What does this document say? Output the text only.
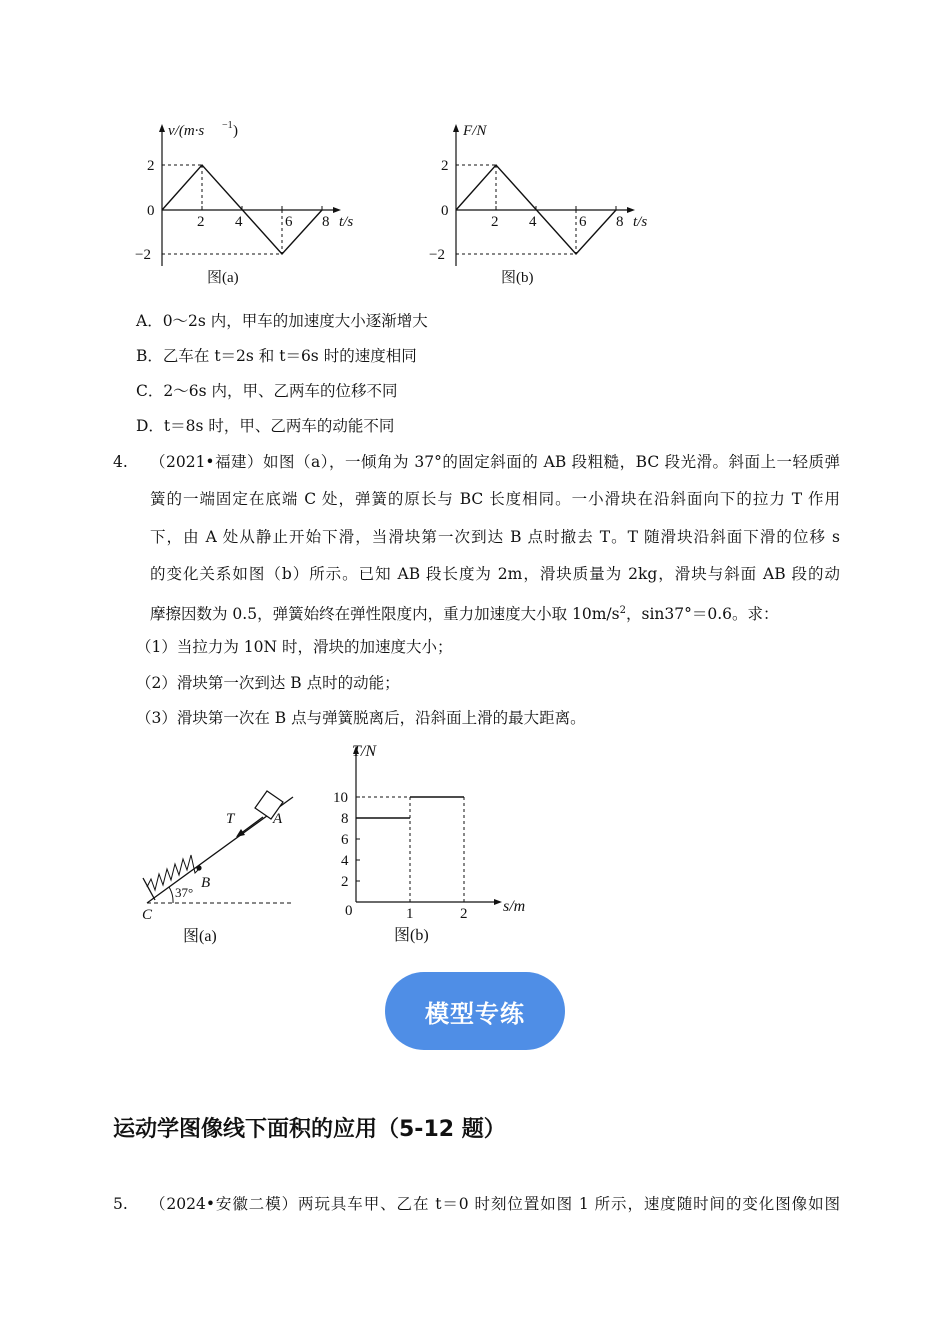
v/(m·s −1 )
2
0
−2
2 4	6 8 t/s
图(a)
F/N
2
0
−2
2 4	6 8 t/s
图(b)
A．0～2s 内，甲车的加速度大小逐渐增大
B．乙车在 t＝2s 和 t＝6s 时的速度相同
C．2～6s 内，甲、乙两车的位移不同
D．t＝8s 时，甲、乙两车的动能不同
4. （2021•福建）如图（a），一倾角为 37°的固定斜面的 AB 段粗糙，BC 段光滑。斜面上一轻质弹
簧的一端固定在底端 C 处，弹簧的原长与 BC 长度相同。一小滑块在沿斜面向下的拉力 T 作用
下，由 A 处从静止开始下滑，当滑块第一次到达 B 点时撤去 T。T 随滑块沿斜面下滑的位移 s
的变化关系如图（b）所示。已知 AB 段长度为 2m，滑块质量为 2kg，滑块与斜面 AB 段的动
摩擦因数为 0.5，弹簧始终在弹性限度内，重力加速度大小取 $10m/s^2$，sin37°＝0.6。求：
（1）当拉力为 10N 时，滑块的加速度大小；
（2）滑块第一次到达 B 点时的动能；
（3）滑块第一次在 B 点与弹簧脱离后，沿斜面上滑的最大距离。
T	A
B
C
37°
图(a)
T/N
10
8
6
4
2
0	1	2 s/m
图(b)
模型专练
运动学图像线下面积的应用（5-12 题）
5. （2024•安徽二模）两玩具车甲、乙在 t＝0 时刻位置如图 1 所示，速度随时间的变化图像如图
